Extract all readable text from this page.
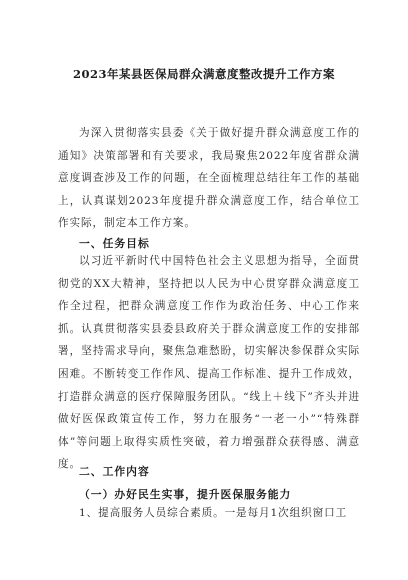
2023年某县医保局群众满意度整改提升工作方案
为深入贯彻落实县委《关于做好提升群众满意度工作的通知》决策部署和有关要求，我局聚焦2022年度省群众满意度调查涉及工作的问题，在全面梳理总结往年工作的基础上，认真谋划2023年度提升群众满意度工作，结合单位工作实际，制定本工作方案。
一、任务目标
以习近平新时代中国特色社会主义思想为指导，全面贯彻党的XX大精神，坚持把以人民为中心贯穿群众满意度工作全过程，把群众满意度工作作为政治任务、中心工作来抓。认真贯彻落实县委县政府关于群众满意度工作的安排部署，坚持需求导向，聚焦急难愁盼，切实解决参保群众实际困难。不断转变工作作风、提高工作标准、提升工作成效，打造群众满意的医疗保障服务团队。“线上＋线下”齐头并进做好医保政策宣传工作，努力在服务“一老一小”“特殊群体”等问题上取得实质性突破，着力增强群众获得感、满意度。
二、工作内容
（一）办好民生实事，提升医保服务能力
1、提高服务人员综合素质。一是每月1次组织窗口工
